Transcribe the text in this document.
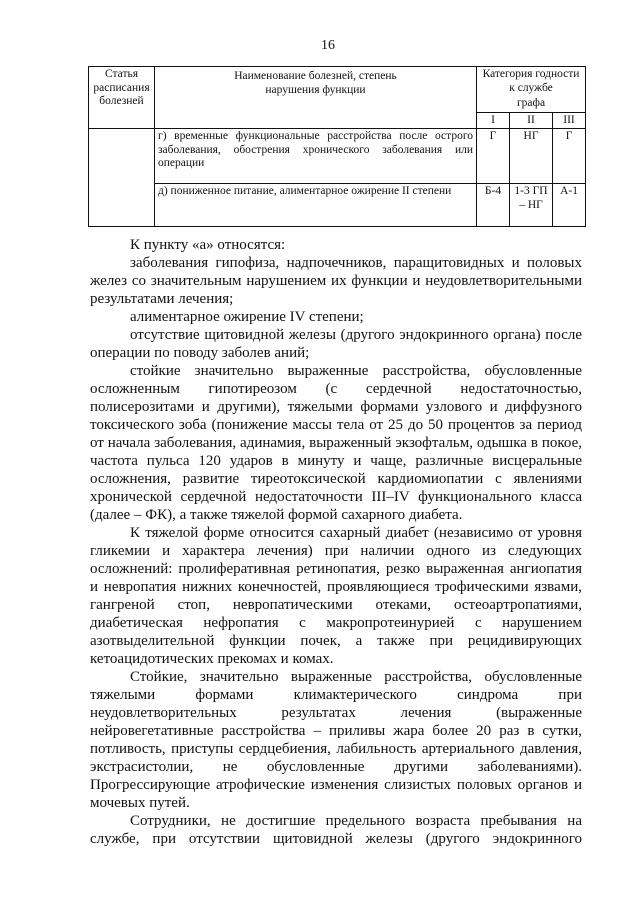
16
Статья расписания болезней	Наименование болезней, степень нарушения функции	Категория годности к службе		
		графа		
		I	II	III
	г) временные функциональные расстройства после острого заболевания, обострения хронического заболевания или операции	Г	НГ	Г
	д) пониженное питание, алиментарное ожирение II степени	Б-4	1-3 ГП – НГ	А-1

К пункту «а» относятся:

заболевания гипофиза, надпочечников, паращитовидных и половых желез со значительным нарушением их функции и неудовлетворительными результатами лечения;

алиментарное ожирение IV степени;

отсутствие щитовидной железы (другого эндокринного органа) после операции по поводу заболев аний;

стойкие значительно выраженные расстройства, обусловленные осложненным гипотиреозом (с сердечной недостаточностью, полисерозитами и другими), тяжелыми формами узлового и диффузного токсического зоба (понижение массы тела от 25 до 50 процентов за период от начала заболевания, адинамия, выраженный экзофтальм, одышка в покое, частота пульса 120 ударов в минуту и чаще, различные висцеральные осложнения, развитие тиреотоксической кардиомиопатии с явлениями хронической сердечной недостаточности III–IV функционального класса (далее – ФК), а также тяжелой формой сахарного диабета.

К тяжелой форме относится сахарный диабет (независимо от уровня гликемии и характера лечения) при наличии одного из следующих осложнений: пролиферативная ретинопатия, резко выраженная ангиопатия и невропатия нижних конечностей, проявляющиеся трофическими язвами, гангреной стоп, невропатическими отеками, остеоартропатиями, диабетическая нефропатия с макропротеинурией с нарушением азотвыделительной функции почек, а также при рецидивирующих кетоацидотических прекомах и комах.

Стойкие, значительно выраженные расстройства, обусловленные тяжелыми формами климактерического синдрома при неудовлетворительных результатах лечения (выраженные нейровегетативные расстройства – приливы жара более 20 раз в сутки, потливость, приступы сердцебиения, лабильность артериального давления, экстрасистолии, не обусловленные другими заболеваниями). Прогрессирующие атрофические изменения слизистых половых органов и мочевых путей.

Сотрудники, не достигшие предельного возраста пребывания на службе, при отсутствии щитовидной железы (другого эндокринного
